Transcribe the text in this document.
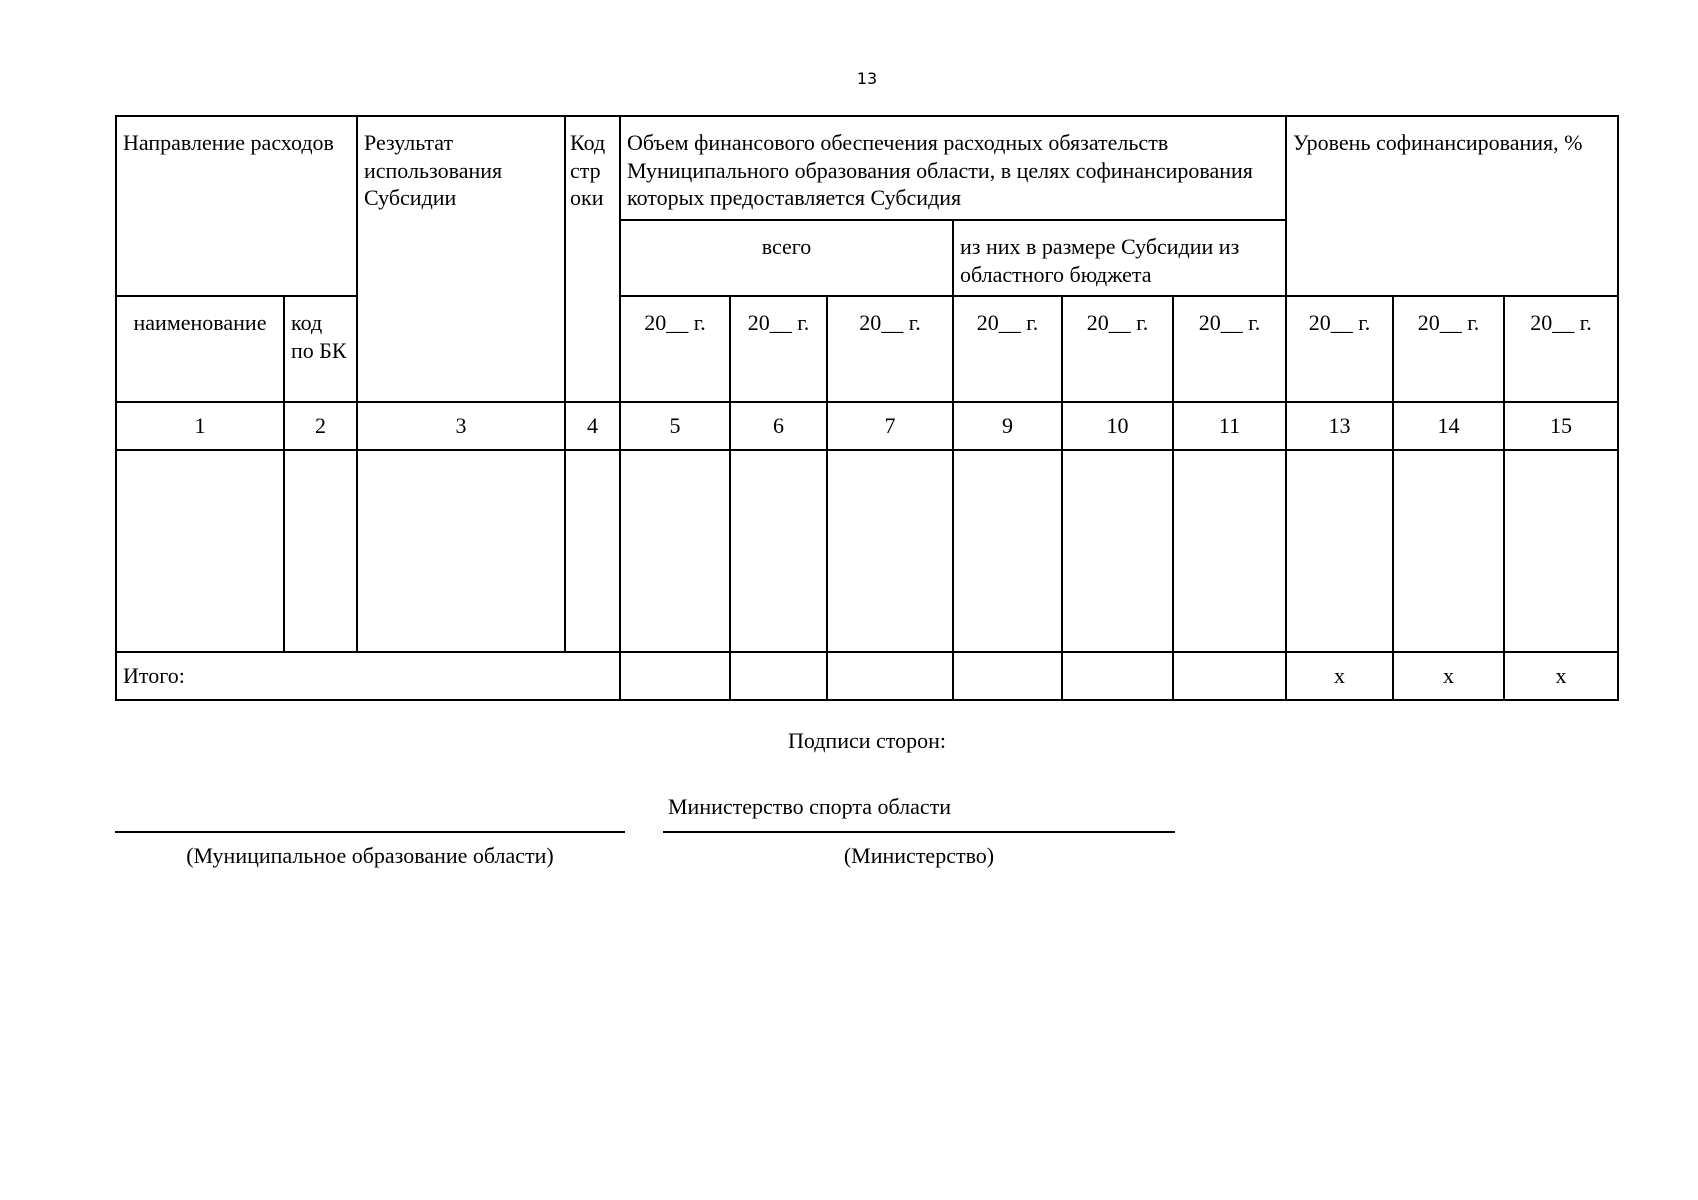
13
Направление расходов		Результат использования Субсидии	Код стр оки	Объем финансового обеспечения расходных обязательств Муниципального образования области, в целях софинансирования которых предоставляется Субсидия						Уровень софинансирования, %		
				всего			из них в размере Субсидии из областного бюджета					
наименование	код по БК			20__ г.	20__ г.	20__ г.	20__ г.	20__ г.	20__ г.	20__ г.	20__ г.	20__ г.
1	2	3	4	5	6	7	9	10	11	13	14	15

Итого:										х	х	х
Подписи сторон:
Министерство спорта области
(Муниципальное образование области)	(Министерство)
